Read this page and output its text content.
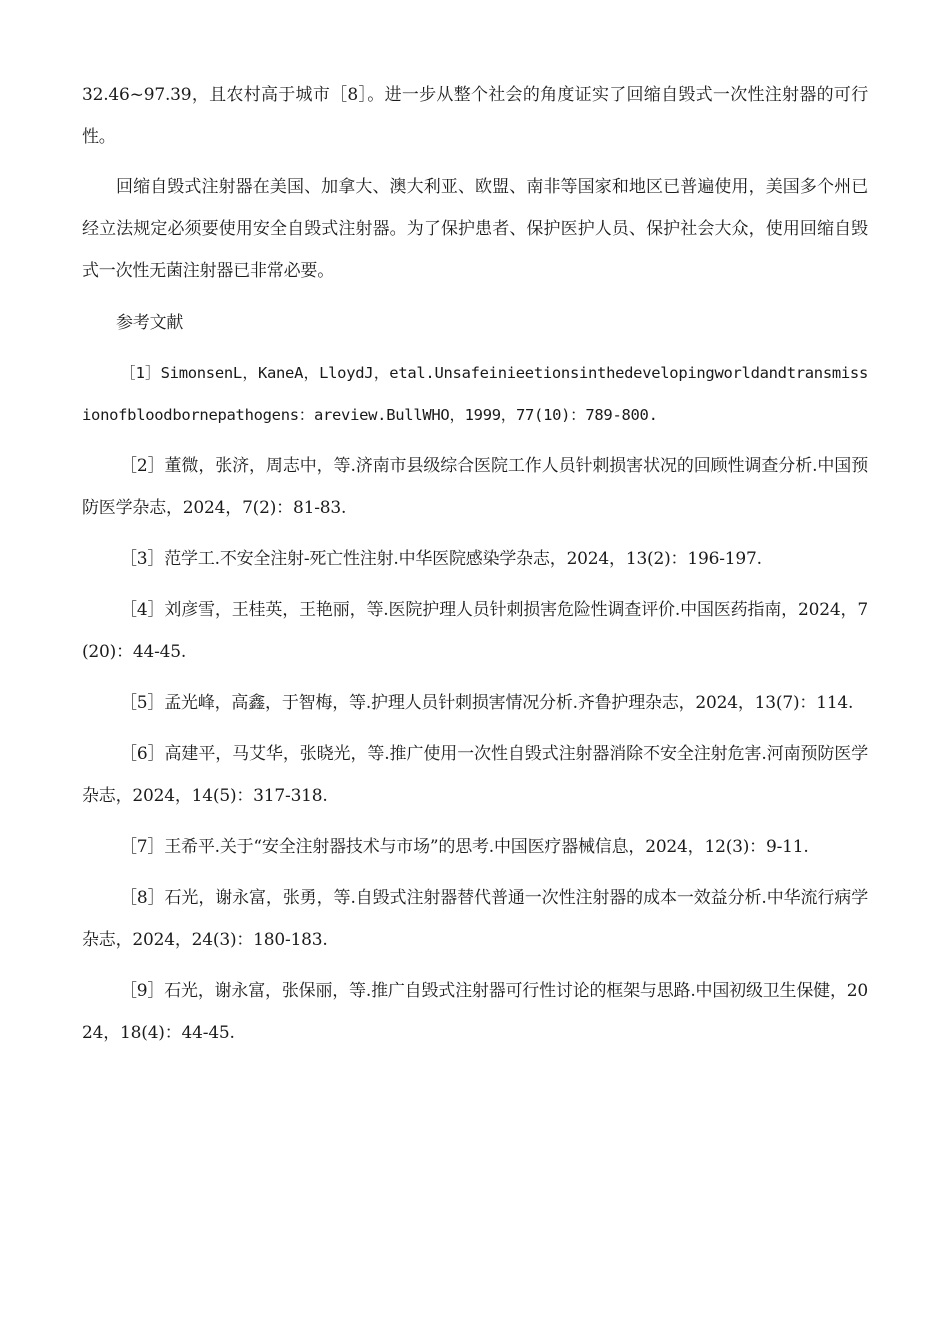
32.46~97.39，且农村高于城市［8］。进一步从整个社会的角度证实了回缩自毁式一次性注射器的可行性。

回缩自毁式注射器在美国、加拿大、澳大利亚、欧盟、南非等国家和地区已普遍使用，美国多个州已经立法规定必须要使用安全自毁式注射器。为了保护患者、保护医护人员、保护社会大众，使用回缩自毁式一次性无菌注射器已非常必要。

参考文献

［1］SimonsenL，KaneA，LloydJ，etal.Unsafeinieetionsinthedevelopingworldandtransmissionofbloodbornepathogens：areview.BullWHO，1999，77(10)：789-800.

［2］董微，张济，周志中，等.济南市县级综合医院工作人员针刺损害状况的回顾性调查分析.中国预防医学杂志，2024，7(2)：81-83.

［3］范学工.不安全注射-死亡性注射.中华医院感染学杂志，2024，13(2)：196-197.

［4］刘彦雪，王桂英，王艳丽，等.医院护理人员针刺损害危险性调查评价.中国医药指南，2024，7(20)：44-45.

［5］孟光峰，高鑫，于智梅，等.护理人员针刺损害情况分析.齐鲁护理杂志，2024，13(7)：114.

［6］高建平，马艾华，张晓光，等.推广使用一次性自毁式注射器消除不安全注射危害.河南预防医学杂志，2024，14(5)：317-318.

［7］王希平.关于“安全注射器技术与市场”的思考.中国医疗器械信息，2024，12(3)：9-11.

［8］石光，谢永富，张勇，等.自毁式注射器替代普通一次性注射器的成本一效益分析.中华流行病学杂志，2024，24(3)：180-183.

［9］石光，谢永富，张保丽，等.推广自毁式注射器可行性讨论的框架与思路.中国初级卫生保健，2024，18(4)：44-45.
